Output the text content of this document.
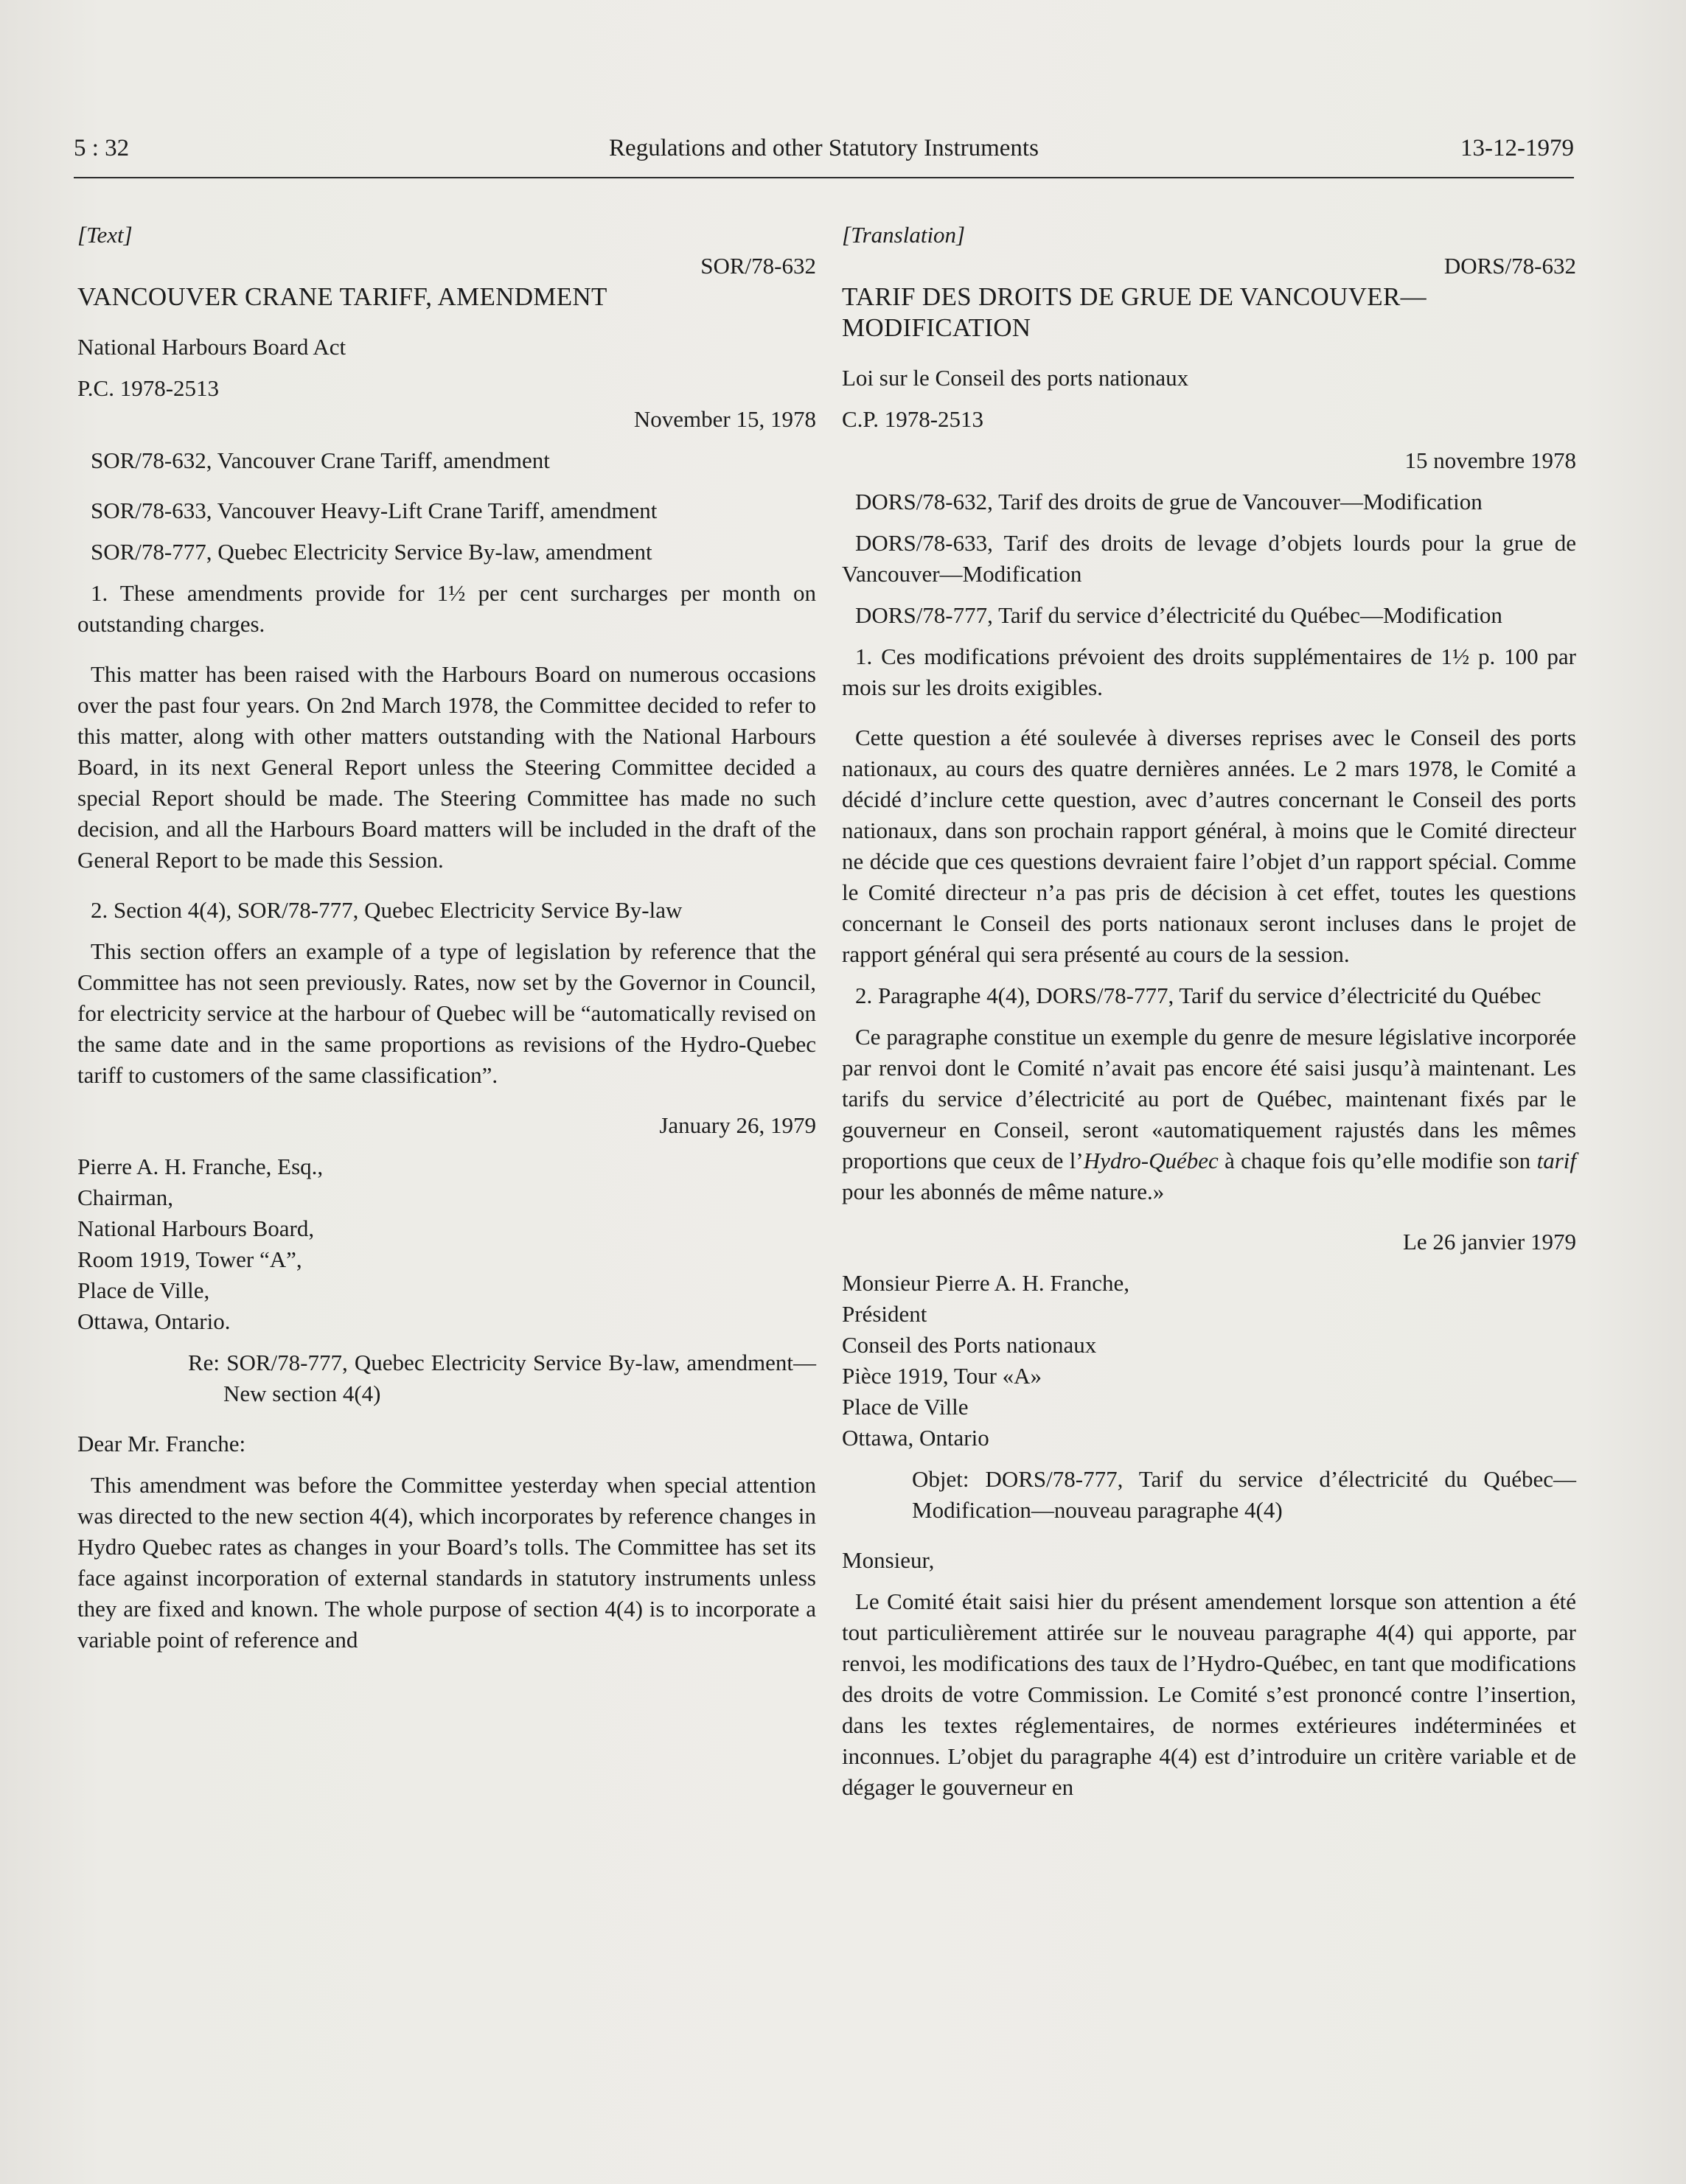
5 : 32	Regulations and other Statutory Instruments	13-12-1979

[Text]

SOR/78-632

VANCOUVER CRANE TARIFF, AMENDMENT

National Harbours Board Act

P.C. 1978-2513

November 15, 1978

SOR/78-632, Vancouver Crane Tariff, amendment

SOR/78-633, Vancouver Heavy-Lift Crane Tariff, amendment

SOR/78-777, Quebec Electricity Service By-law, amendment

1. These amendments provide for 1½ per cent surcharges per month on outstanding charges.

This matter has been raised with the Harbours Board on numerous occasions over the past four years. On 2nd March 1978, the Committee decided to refer to this matter, along with other matters outstanding with the National Harbours Board, in its next General Report unless the Steering Committee decided a special Report should be made. The Steering Committee has made no such decision, and all the Harbours Board matters will be included in the draft of the General Report to be made this Session.

2. Section 4(4), SOR/78-777, Quebec Electricity Service By-law

This section offers an example of a type of legislation by reference that the Committee has not seen previously. Rates, now set by the Governor in Council, for electricity service at the harbour of Quebec will be “automatically revised on the same date and in the same proportions as revisions of the Hydro-Quebec tariff to customers of the same classification”.

January 26, 1979

Pierre A. H. Franche, Esq.,
Chairman,
National Harbours Board,
Room 1919, Tower “A”,
Place de Ville,
Ottawa, Ontario.

Re: SOR/78-777, Quebec Electricity Service By-law, amendment—New section 4(4)

Dear Mr. Franche:

This amendment was before the Committee yesterday when special attention was directed to the new section 4(4), which incorporates by reference changes in Hydro Quebec rates as changes in your Board’s tolls. The Committee has set its face against incorporation of external standards in statutory instruments unless they are fixed and known. The whole purpose of section 4(4) is to incorporate a variable point of reference and

[Translation]

DORS/78-632

TARIF DES DROITS DE GRUE DE VANCOUVER—MODIFICATION

Loi sur le Conseil des ports nationaux

C.P. 1978-2513

15 novembre 1978

DORS/78-632, Tarif des droits de grue de Vancouver—Modification

DORS/78-633, Tarif des droits de levage d’objets lourds pour la grue de Vancouver—Modification

DORS/78-777, Tarif du service d’électricité du Québec—Modification

1. Ces modifications prévoient des droits supplémentaires de 1½ p. 100 par mois sur les droits exigibles.

Cette question a été soulevée à diverses reprises avec le Conseil des ports nationaux, au cours des quatre dernières années. Le 2 mars 1978, le Comité a décidé d’inclure cette question, avec d’autres concernant le Conseil des ports nationaux, dans son prochain rapport général, à moins que le Comité directeur ne décide que ces questions devraient faire l’objet d’un rapport spécial. Comme le Comité directeur n’a pas pris de décision à cet effet, toutes les questions concernant le Conseil des ports nationaux seront incluses dans le projet de rapport général qui sera présenté au cours de la session.

2. Paragraphe 4(4), DORS/78-777, Tarif du service d’électricité du Québec

Ce paragraphe constitue un exemple du genre de mesure législative incorporée par renvoi dont le Comité n’avait pas encore été saisi jusqu’à maintenant. Les tarifs du service d’électricité au port de Québec, maintenant fixés par le gouverneur en Conseil, seront «automatiquement rajustés dans les mêmes proportions que ceux de l’Hydro-Québec à chaque fois qu’elle modifie son tarif pour les abonnés de même nature.»

Le 26 janvier 1979

Monsieur Pierre A. H. Franche,
Président
Conseil des Ports nationaux
Pièce 1919, Tour «A»
Place de Ville
Ottawa, Ontario

Objet: DORS/78-777, Tarif du service d’électricité du Québec—Modification—nouveau paragraphe 4(4)

Monsieur,

Le Comité était saisi hier du présent amendement lorsque son attention a été tout particulièrement attirée sur le nouveau paragraphe 4(4) qui apporte, par renvoi, les modifications des taux de l’Hydro-Québec, en tant que modifications des droits de votre Commission. Le Comité s’est prononcé contre l’insertion, dans les textes réglementaires, de normes extérieures indéterminées et inconnues. L’objet du paragraphe 4(4) est d’introduire un critère variable et de dégager le gouverneur en
